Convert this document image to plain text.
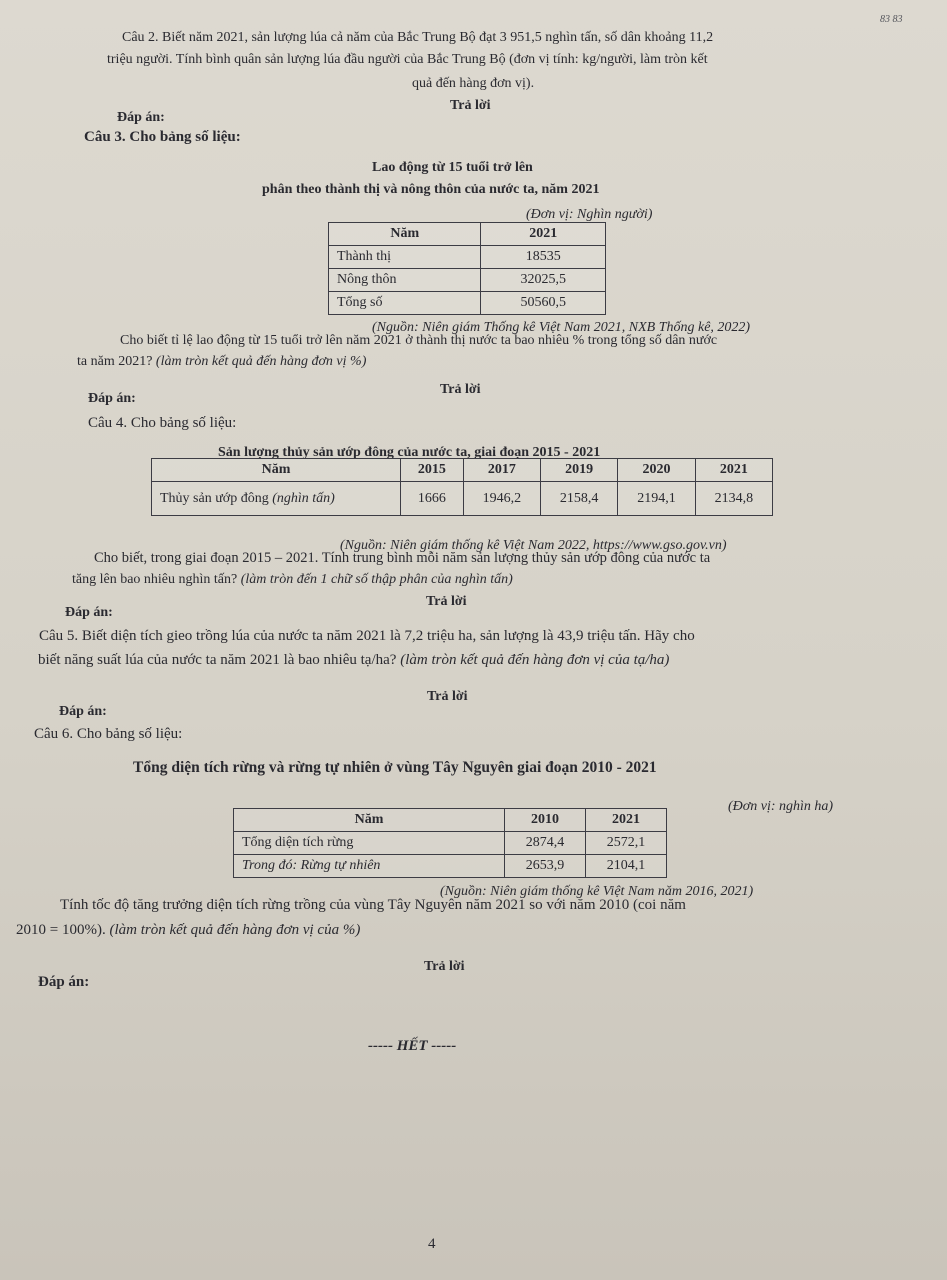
83 83
Câu 2. Biết năm 2021, sản lượng lúa cả năm của Bắc Trung Bộ đạt 3 951,5 nghìn tấn, số dân khoảng 11,2
triệu người. Tính bình quân sản lượng lúa đầu người của Bắc Trung Bộ (đơn vị tính: kg/người, làm tròn kết
quả đến hàng đơn vị).
Trả lời
Đáp án:
Câu 3. Cho bảng số liệu:
Lao động từ 15 tuổi trở lên
phân theo thành thị và nông thôn của nước ta, năm 2021
(Đơn vị: Nghìn người)
Năm	2021
Thành thị	18535
Nông thôn	32025,5
Tổng số	50560,5
(Nguồn: Niên giám Thống kê Việt Nam 2021, NXB Thống kê, 2022)
Cho biết tỉ lệ lao động từ 15 tuổi trở lên năm 2021 ở thành thị nước ta bao nhiêu % trong tổng số dân nước
ta năm 2021? (làm tròn kết quả đến hàng đơn vị %)
Trả lời
Đáp án:
Câu 4. Cho bảng số liệu:
Sản lượng thủy sản ướp đông của nước ta, giai đoạn 2015 - 2021
Năm	2015	2017	2019	2020	2021
Thủy sản ướp đông (nghìn tấn)	1666	1946,2	2158,4	2194,1	2134,8
(Nguồn: Niên giám thống kê Việt Nam 2022, https://www.gso.gov.vn)
Cho biết, trong giai đoạn 2015 – 2021. Tính trung bình mỗi năm sản lượng thủy sản ướp đông của nước ta
tăng lên bao nhiêu nghìn tấn? (làm tròn đến 1 chữ số thập phân của nghìn tấn)
Trả lời
Đáp án:
Câu 5. Biết diện tích gieo trồng lúa của nước ta năm 2021 là 7,2 triệu ha, sản lượng là 43,9 triệu tấn. Hãy cho
biết năng suất lúa của nước ta năm 2021 là bao nhiêu tạ/ha? (làm tròn kết quả đến hàng đơn vị của tạ/ha)
Trả lời
Đáp án:
Câu 6. Cho bảng số liệu:
Tổng diện tích rừng và rừng tự nhiên ở vùng Tây Nguyên giai đoạn 2010 - 2021
(Đơn vị: nghìn ha)
Năm	2010	2021
Tổng diện tích rừng	2874,4	2572,1
Trong đó: Rừng tự nhiên	2653,9	2104,1
(Nguồn: Niên giám thống kê Việt Nam năm 2016, 2021)
Tính tốc độ tăng trưởng diện tích rừng trồng của vùng Tây Nguyên năm 2021 so với năm 2010 (coi năm
2010 = 100%). (làm tròn kết quả đến hàng đơn vị của %)
Trả lời
Đáp án:
----- HẾT -----
4
